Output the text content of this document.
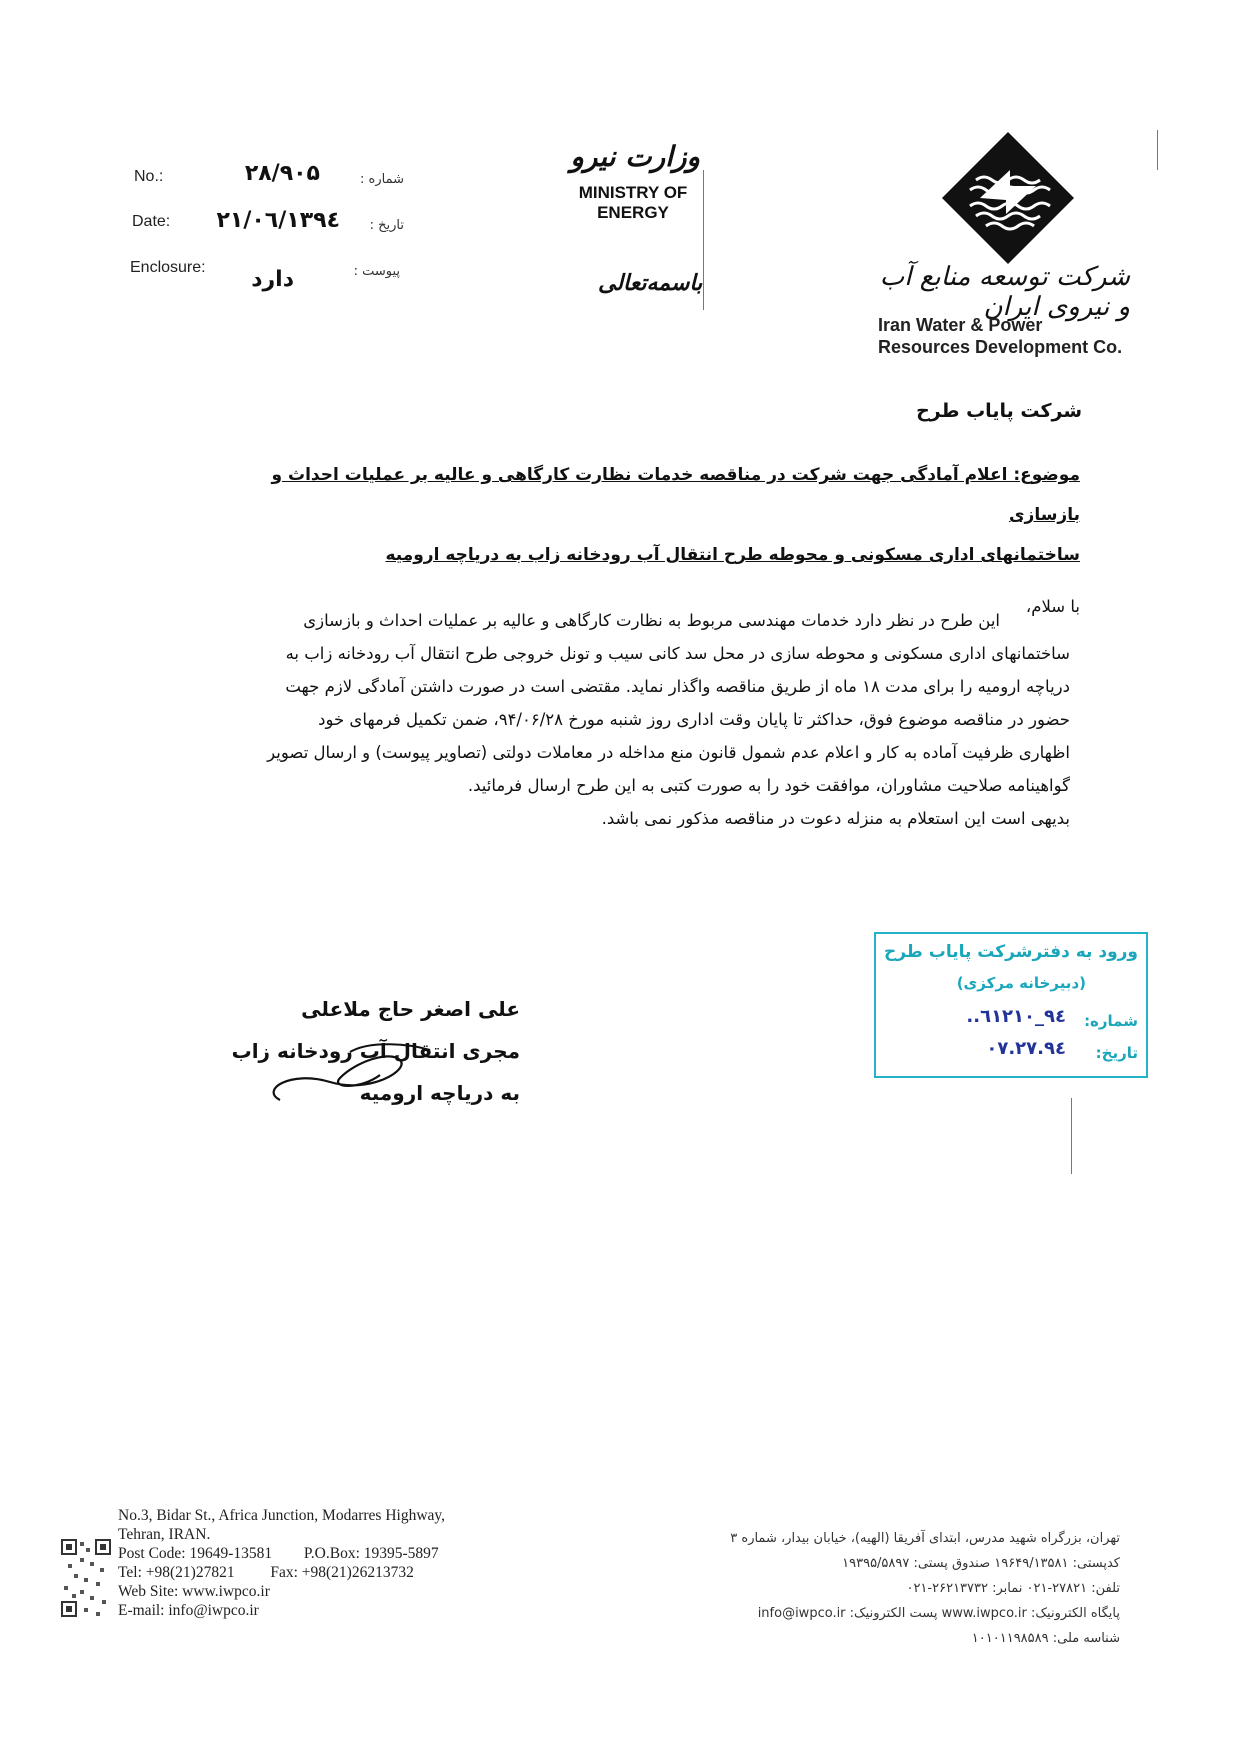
No.:	۲۸/۹۰۵	شماره :
Date:	۱۳۹٤/۰٦/۲۱	تاریخ :
Enclosure:	دارد	پیوست :
وزارت نیرو
MINISTRY OF
ENERGY
باسمه‌تعالی	شرکت توسعه منابع آب و نیروی ایران
Iran Water & Power
Resources Development Co.
شرکت پایاب طرح
موضوع: اعلام آمادگی جهت شرکت در مناقصه خدمات نظارت کارگاهی و عالیه بر عملیات احداث و بازسازی
ساختمانهای اداری مسکونی و محوطه طرح انتقال آب رودخانه زاب به دریاچه ارومیه
با سلام،
این طرح در نظر دارد خدمات مهندسی مربوط به نظارت کارگاهی و عالیه بر عملیات احداث و بازسازی
ساختمانهای اداری مسکونی و محوطه سازی در محل سد کانی سیب و تونل خروجی طرح انتقال آب رودخانه زاب به
دریاچه ارومیه را برای مدت ۱۸ ماه از طریق مناقصه واگذار نماید. مقتضی است در صورت داشتن آمادگی لازم جهت
حضور در مناقصه موضوع فوق، حداکثر تا پایان وقت اداری روز شنبه مورخ ۹۴/۰۶/۲۸، ضمن تکمیل فرمهای خود
اظهاری ظرفیت آماده به کار و اعلام عدم شمول قانون منع مداخله در معاملات دولتی (تصاویر پیوست) و ارسال تصویر
گواهینامه صلاحیت مشاوران، موافقت خود را به صورت کتبی به این طرح ارسال فرمائید.
بدیهی است این استعلام به منزله دعوت در مناقصه مذکور نمی باشد.
ورود به دفترشرکت پایاب طرح
(دبیرخانه مرکزی)
شماره:
۹٤_٦۱۲۱۰..
تاریخ:
۹٤.۰۷.۲۷
علی اصغر حاج ملاعلی
مجری انتقال آب رودخانه زاب
به دریاچه ارومیه
No.3, Bidar St., Africa Junction, Modarres Highway,
Tehran, IRAN.
Post Code: 19649-13581 P.O.Box: 19395-5897
Tel: +98(21)27821 Fax: +98(21)26213732
Web Site: www.iwpco.ir
E-mail: info@iwpco.ir
تهران، بزرگراه شهید مدرس، ابتدای آفریقا (الهیه)، خیابان بیدار، شماره ۳
کدپستی: ۱۹۶۴۹/۱۳۵۸۱ صندوق پستی: ۱۹۳۹۵/۵۸۹۷
تلفن: ۲۷۸۲۱-۰۲۱ نمابر: ۲۶۲۱۳۷۳۲-۰۲۱
پایگاه الکترونیک: www.iwpco.ir پست الکترونیک: info@iwpco.ir
شناسه ملی: ۱۰۱۰۱۱۹۸۵۸۹
